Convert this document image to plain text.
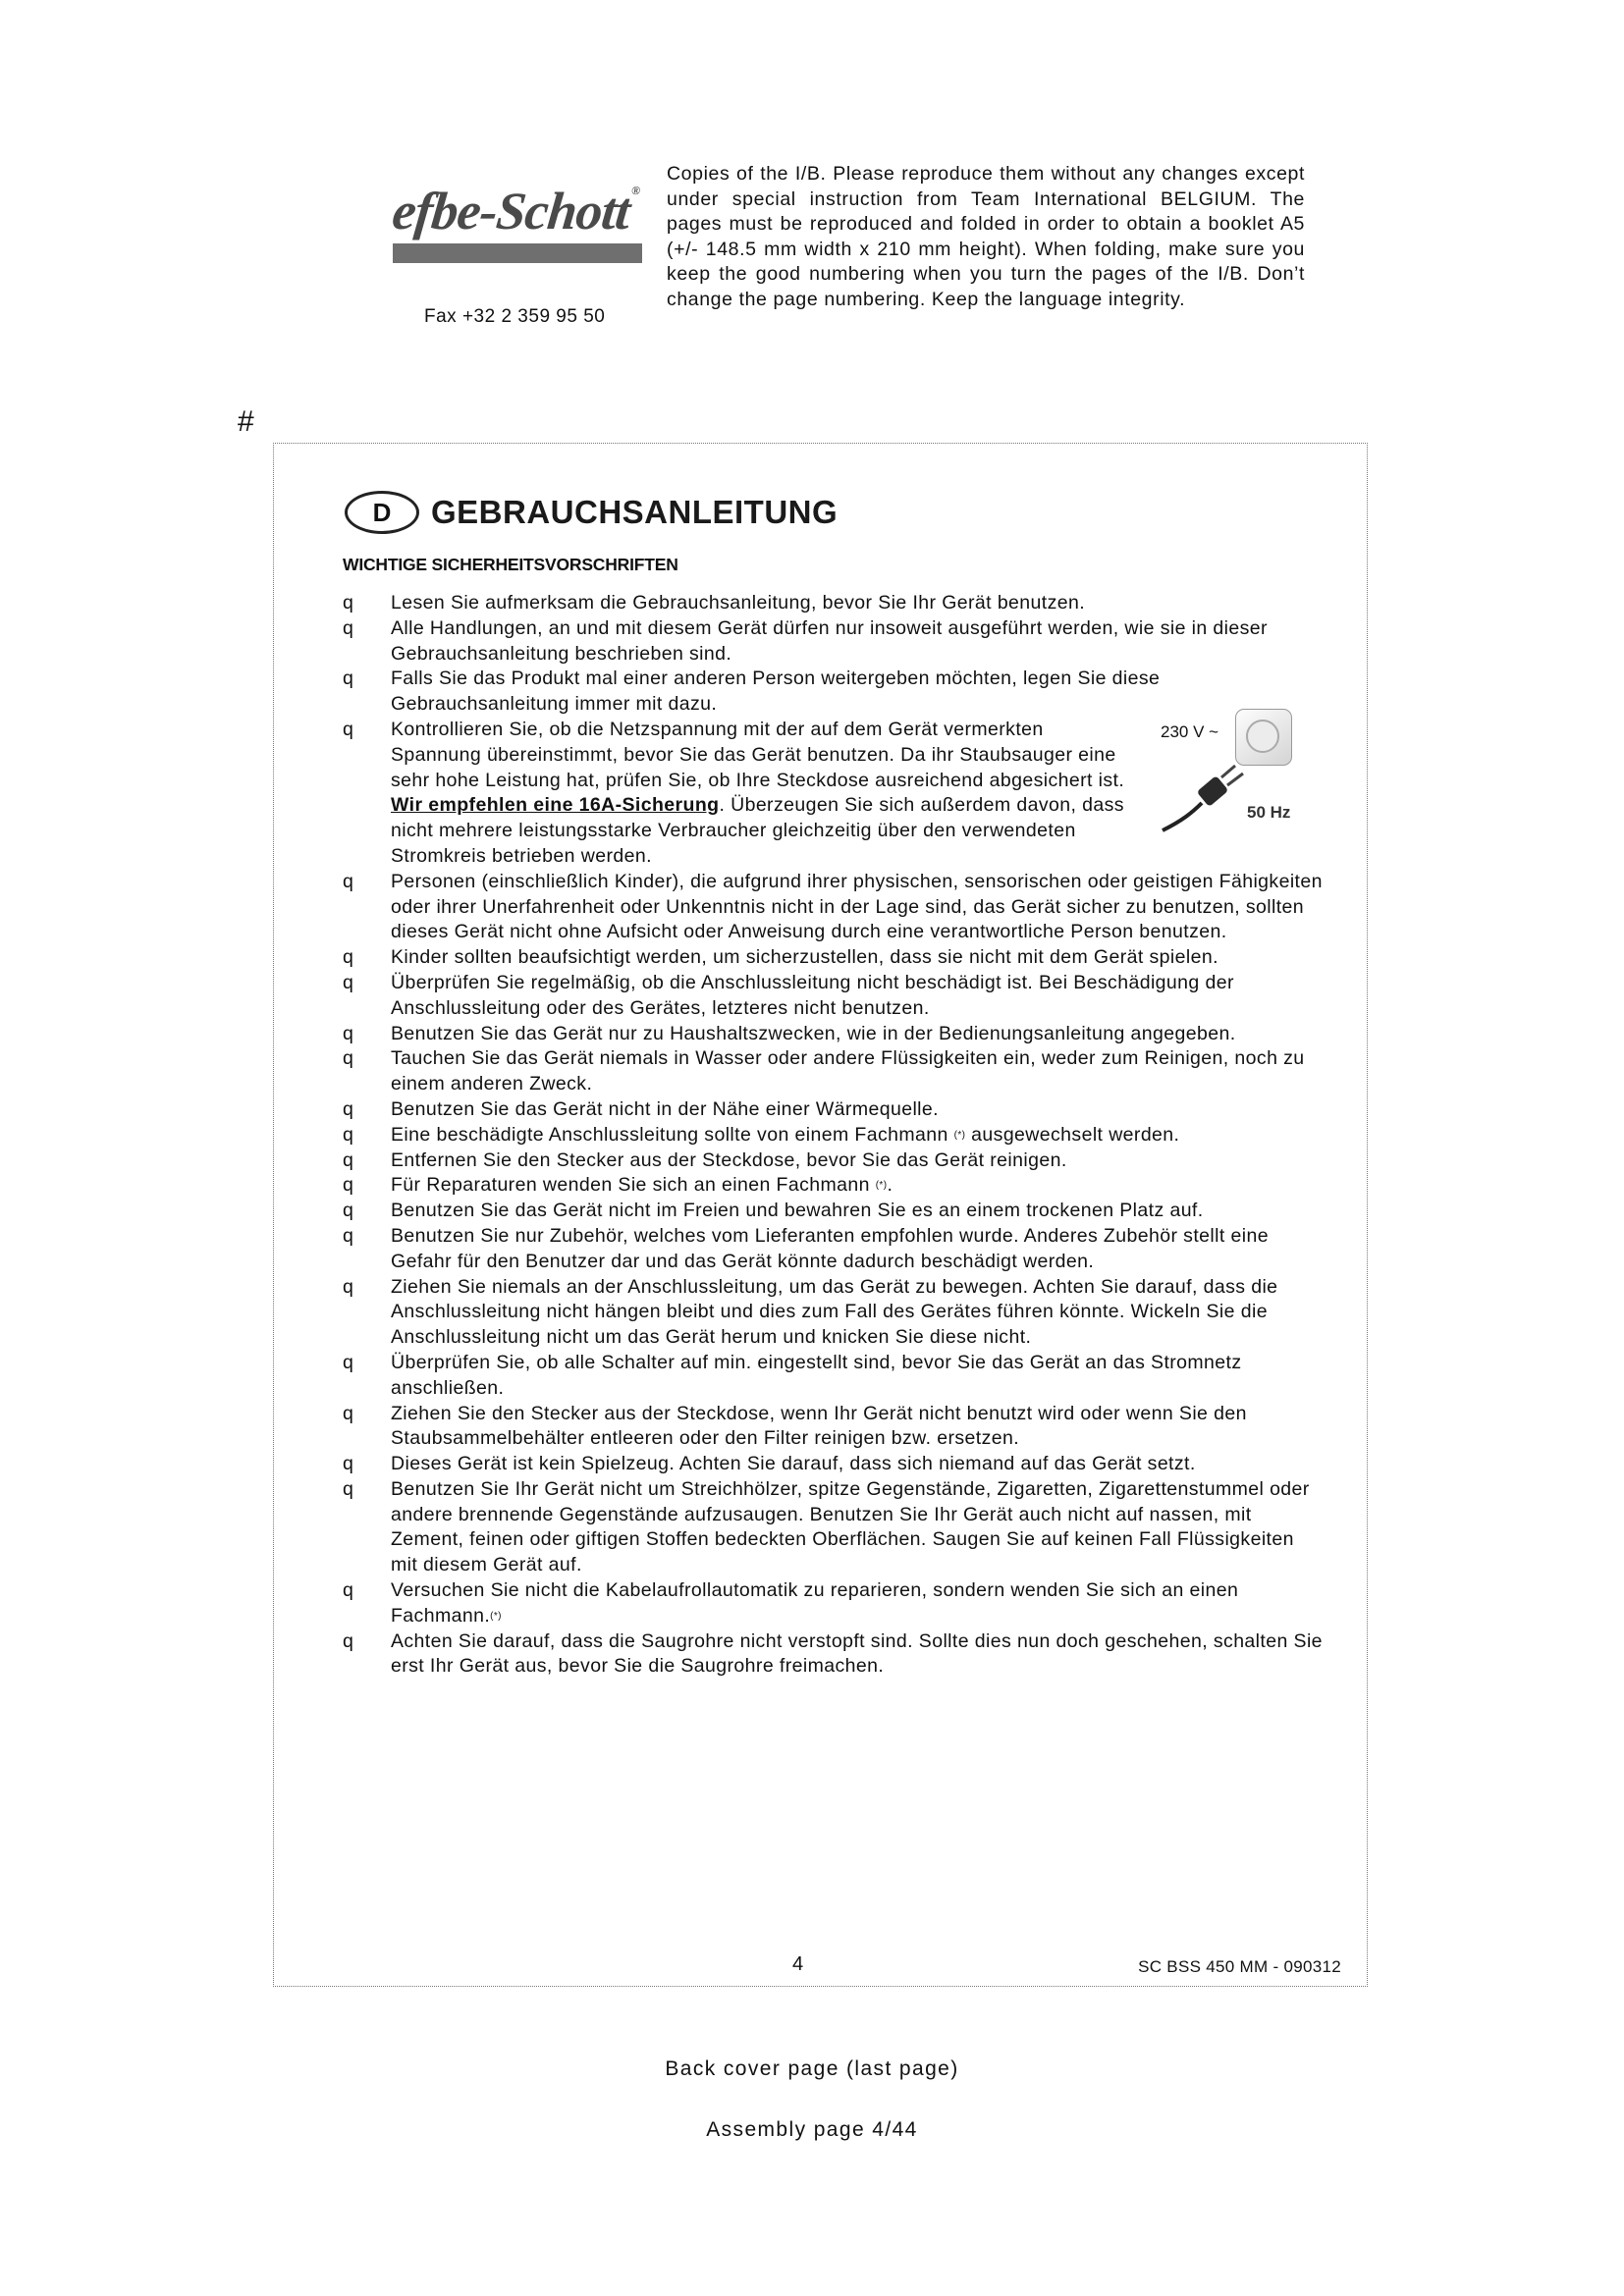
efbe-Schott®
Fax +32 2 359 95 50
Copies of the I/B. Please reproduce them without any changes except under special instruction from Team International BELGIUM. The pages must be reproduced and folded in order to obtain a booklet A5 (+/- 148.5 mm width x 210 mm height). When folding, make sure you keep the good numbering when you turn the pages of the I/B. Don’t change the page numbering. Keep the language integrity.
#
D	GEBRAUCHSANLEITUNG
WICHTIGE SICHERHEITSVORSCHRIFTEN
230 V ~
50 Hz
q Lesen Sie aufmerksam die Gebrauchsanleitung, bevor Sie Ihr Gerät benutzen.
q Alle Handlungen, an und mit diesem Gerät dürfen nur insoweit ausgeführt werden, wie sie in dieser Gebrauchsanleitung beschrieben sind.
q Falls Sie das Produkt mal einer anderen Person weitergeben möchten, legen Sie diese Gebrauchsanleitung immer mit dazu.
q Kontrollieren Sie, ob die Netzspannung mit der auf dem Gerät vermerkten Spannung übereinstimmt, bevor Sie das Gerät benutzen. Da ihr Staubsauger eine sehr hohe Leistung hat, prüfen Sie, ob Ihre Steckdose ausreichend abgesichert ist. Wir empfehlen eine 16A-Sicherung. Überzeugen Sie sich außerdem davon, dass nicht mehrere leistungsstarke Verbraucher gleichzeitig über den verwendeten Stromkreis betrieben werden.
q Personen (einschließlich Kinder), die aufgrund ihrer physischen, sensorischen oder geistigen Fähigkeiten oder ihrer Unerfahrenheit oder Unkenntnis nicht in der Lage sind, das Gerät sicher zu benutzen, sollten dieses Gerät nicht ohne Aufsicht oder Anweisung durch eine verantwortliche Person benutzen.
q Kinder sollten beaufsichtigt werden, um sicherzustellen, dass sie nicht mit dem Gerät spielen.
q Überprüfen Sie regelmäßig, ob die Anschlussleitung nicht beschädigt ist. Bei Beschädigung der Anschlussleitung oder des Gerätes, letzteres nicht benutzen.
q Benutzen Sie das Gerät nur zu Haushaltszwecken, wie in der Bedienungsanleitung angegeben.
q Tauchen Sie das Gerät niemals in Wasser oder andere Flüssigkeiten ein, weder zum Reinigen, noch zu einem anderen Zweck.
q Benutzen Sie das Gerät nicht in der Nähe einer Wärmequelle.
q Eine beschädigte Anschlussleitung sollte von einem Fachmann (*) ausgewechselt werden.
q Entfernen Sie den Stecker aus der Steckdose, bevor Sie das Gerät reinigen.
q Für Reparaturen wenden Sie sich an einen Fachmann (*).
q Benutzen Sie das Gerät nicht im Freien und bewahren Sie es an einem trockenen Platz auf.
q Benutzen Sie nur Zubehör, welches vom Lieferanten empfohlen wurde. Anderes Zubehör stellt eine Gefahr für den Benutzer dar und das Gerät könnte dadurch beschädigt werden.
q Ziehen Sie niemals an der Anschlussleitung, um das Gerät zu bewegen. Achten Sie darauf, dass die Anschlussleitung nicht hängen bleibt und dies zum Fall des Gerätes führen könnte. Wickeln Sie die Anschlussleitung nicht um das Gerät herum und knicken Sie diese nicht.
q Überprüfen Sie, ob alle Schalter auf min. eingestellt sind, bevor Sie das Gerät an das Stromnetz anschließen.
q Ziehen Sie den Stecker aus der Steckdose, wenn Ihr Gerät nicht benutzt wird oder wenn Sie den Staubsammelbehälter entleeren oder den Filter reinigen bzw. ersetzen.
q Dieses Gerät ist kein Spielzeug. Achten Sie darauf, dass sich niemand auf das Gerät setzt.
q Benutzen Sie Ihr Gerät nicht um Streichhölzer, spitze Gegenstände, Zigaretten, Zigarettenstummel oder andere brennende Gegenstände aufzusaugen. Benutzen Sie Ihr Gerät auch nicht auf nassen, mit Zement, feinen oder giftigen Stoffen bedeckten Oberflächen. Saugen Sie auf keinen Fall Flüssigkeiten mit diesem Gerät auf.
q Versuchen Sie nicht die Kabelaufrollautomatik zu reparieren, sondern wenden Sie sich an einen Fachmann.(*)
q Achten Sie darauf, dass die Saugrohre nicht verstopft sind. Sollte dies nun doch geschehen, schalten Sie erst Ihr Gerät aus, bevor Sie die Saugrohre freimachen.
4	SC BSS 450 MM - 090312
Back cover page (last page)
Assembly page 4/44
